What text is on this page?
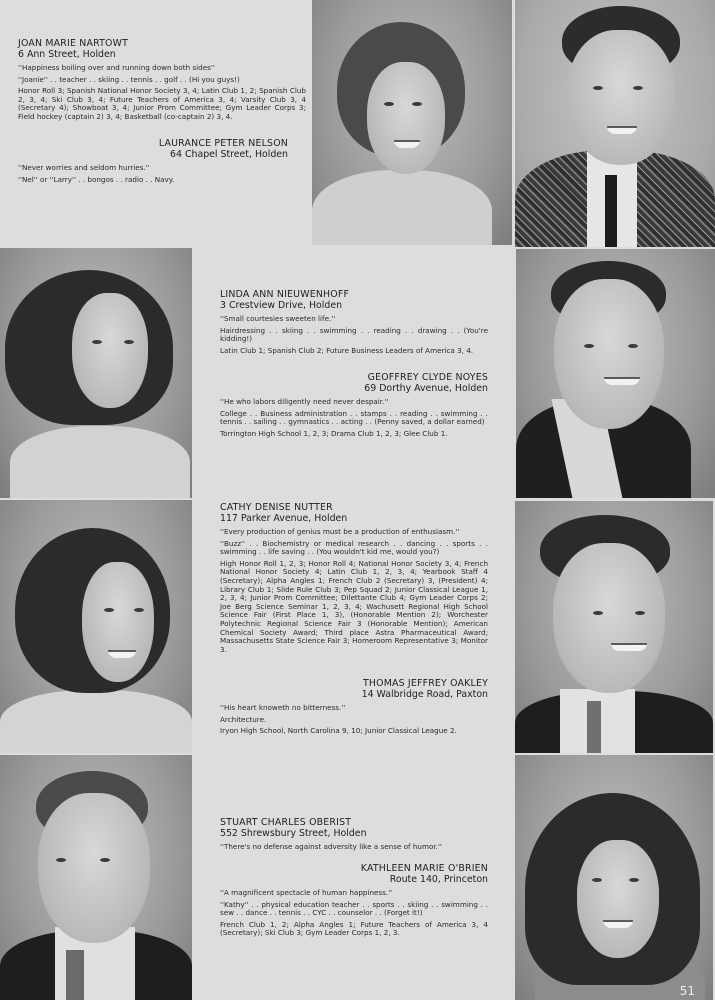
JOAN MARIE NARTOWT
6 Ann Street, Holden
''Happiness boiling over and running down both sides''
''Joanie'' . . teacher . . skiing . . tennis . . golf . . (Hi you guys!)
Honor Roll 3; Spanish National Honor Society 3, 4; Latin Club 1, 2; Spanish Club 2, 3, 4; Ski Club 3, 4; Future Teachers of America 3, 4; Varsity Club 3, 4 (Secretary 4); Showboat 3, 4; Junior Prom Committee; Gym Leader Corps 3; Field hockey (captain 2) 3, 4; Basketball (co-captain 2) 3, 4.
LAURANCE PETER NELSON
64 Chapel Street, Holden
''Never worries and seldom hurries.''
''Nel'' or ''Larry'' . . bongos . . radio . . Navy.
LINDA ANN NIEUWENHOFF
3 Crestview Drive, Holden
''Small courtesies sweeten life.''
Hairdressing . . skiing . . swimming . . reading . . drawing . . (You're kidding!)
Latin Club 1; Spanish Club 2; Future Business Leaders of America 3, 4.
GEOFFREY CLYDE NOYES
69 Dorthy Avenue, Holden
''He who labors diligently need never despair.''
College . . Business administration . . stamps . . reading . . swimming . . tennis . . sailing . . gymnastics . . acting . . (Penny saved, a dollar earned)
Torrington High School 1, 2, 3; Drama Club 1, 2, 3; Glee Club 1.
CATHY DENISE NUTTER
117 Parker Avenue, Holden
''Every production of genius must be a production of enthusiasm.''
''Buzz'' . . Biochemistry or medical research . . dancing . . sports . . swimming . . life saving . . (You wouldn't kid me, would you?)
High Honor Roll 1, 2, 3; Honor Roll 4; National Honor Society 3, 4; French National Honor Society 4; Latin Club 1, 2, 3, 4; Yearbook Staff 4 (Secretary); Alpha Angles 1; French Club 2 (Secretary) 3, (President) 4; Library Club 1; Slide Rule Club 3; Pep Squad 2; Junior Classical League 1, 2, 3, 4; Junior Prom Committee; Dilettante Club 4; Gym Leader Corps 2; Joe Berg Science Seminar 1, 2, 3, 4; Wachusett Regional High School Science Fair (First Place 1, 3), (Honorable Mention 2); Worchester Polytechnic Regional Science Fair 3 (Honorable Mention); American Chemical Society Award; Third place Astra Pharmaceutical Award; Massachusetts State Science Fair 3; Homeroom Representative 3; Monitor 3.
THOMAS JEFFREY OAKLEY
14 Walbridge Road, Paxton
''His heart knoweth no bitterness.''
Architecture.
Iryon High School, North Carolina 9, 10; Junior Classical League 2.
STUART CHARLES OBERIST
552 Shrewsbury Street, Holden
''There's no defense against adversity like a sense of humor.''
KATHLEEN MARIE O'BRIEN
Route 140, Princeton
''A magnificent spectacle of human happiness.''
''Kathy'' . . physical education teacher . . sports . . skiing . . swimming . . sew . . dance . . tennis . . CYC . . counselor . . (Forget it!)
French Club 1, 2; Alpha Angles 1; Future Teachers of America 3, 4 (Secretary); Ski Club 3; Gym Leader Corps 1, 2, 3.
51
